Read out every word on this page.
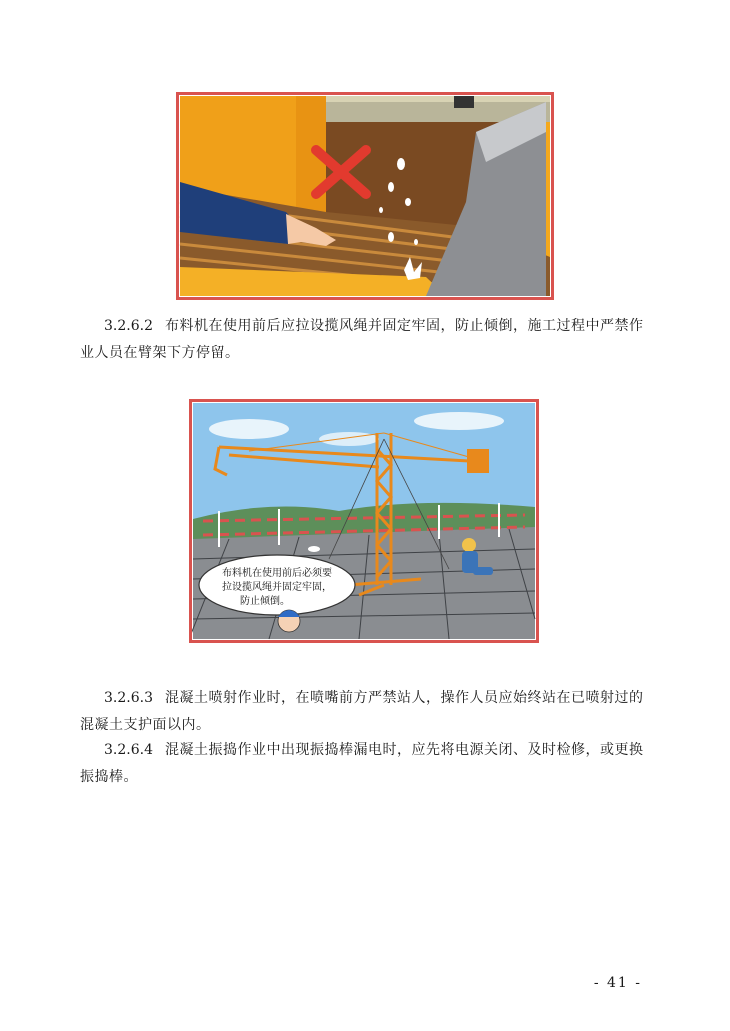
3.2.6.2 布料机在使用前后应拉设揽风绳并固定牢固，防止倾倒，施工过程中严禁作业人员在臂架下方停留。
布料机在使用前后必须要
拉设揽风绳并固定牢固，
防止倾倒。
3.2.6.3 混凝土喷射作业时，在喷嘴前方严禁站人，操作人员应始终站在已喷射过的混凝土支护面以内。
3.2.6.4 混凝土振捣作业中出现振捣棒漏电时，应先将电源关闭、及时检修，或更换振捣棒。
- 41 -
